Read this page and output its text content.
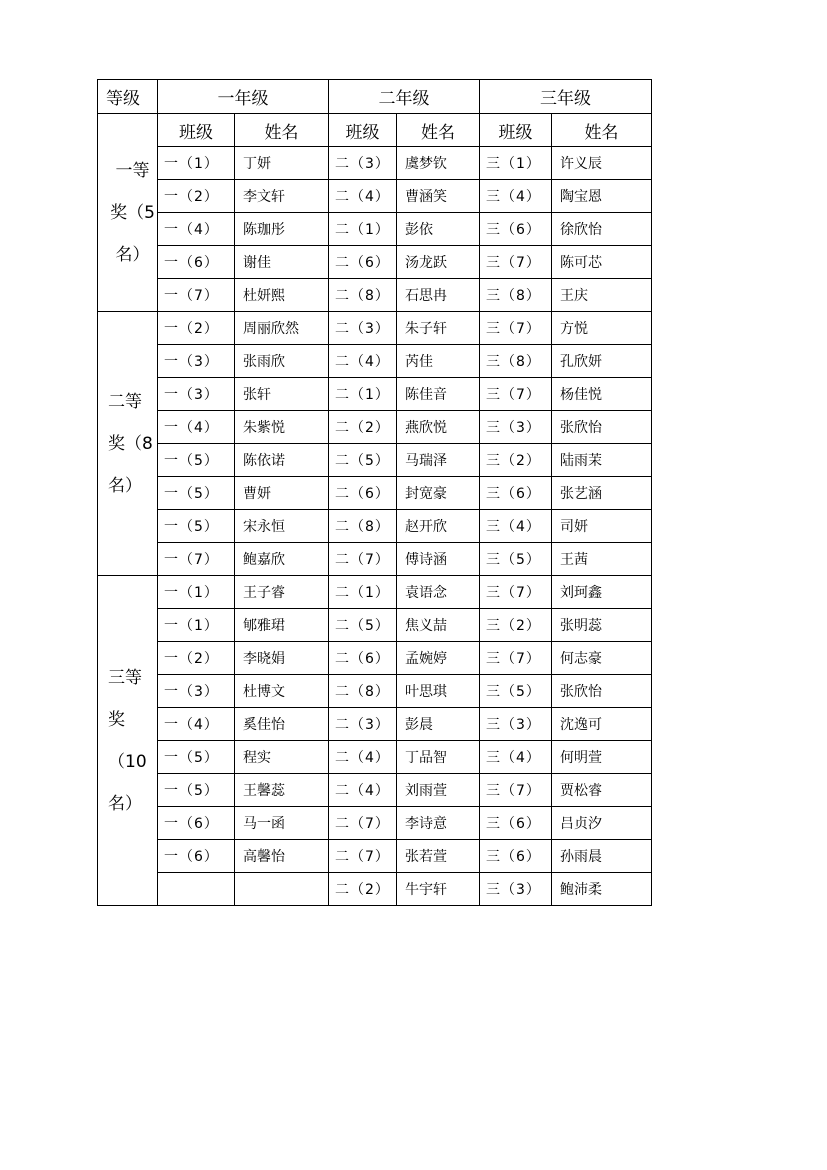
等级	一年级		二年级		三年级	

一等
奖（5
名）	班级	姓名	班级	姓名	班级	姓名
	一（1）	丁妍	二（3）	虞梦钦	三（1）	许义辰
	一（2）	李文轩	二（4）	曹涵笑	三（4）	陶宝恩
	一（4）	陈珈彤	二（1）	彭依	三（6）	徐欣怡
	一（6）	谢佳	二（6）	汤龙跃	三（7）	陈可芯
	一（7）	杜妍熙	二（8）	石思冉	三（8）	王庆

二等
奖（8
名）	一（2）	周丽欣然	二（3）	朱子轩	三（7）	方悦
	一（3）	张雨欣	二（4）	芮佳	三（8）	孔欣妍
	一（3）	张轩	二（1）	陈佳音	三（7）	杨佳悦
	一（4）	朱紫悦	二（2）	燕欣悦	三（3）	张欣怡
	一（5）	陈依诺	二（5）	马瑞泽	三（2）	陆雨茉
	一（5）	曹妍	二（6）	封宽豪	三（6）	张艺涵
	一（5）	宋永恒	二（8）	赵开欣	三（4）	司妍
	一（7）	鲍嘉欣	二（7）	傅诗涵	三（5）	王茜

三等
奖
（10
名）	一（1）	王子睿	二（1）	袁语念	三（7）	刘珂鑫
	一（1）	郇雅珺	二（5）	焦义喆	三（2）	张明蕊
	一（2）	李晓娟	二（6）	孟婉婷	三（7）	何志豪
	一（3）	杜博文	二（8）	叶思琪	三（5）	张欣怡
	一（4）	奚佳怡	二（3）	彭晨	三（3）	沈逸可
	一（5）	程实	二（4）	丁品智	三（4）	何明萱
	一（5）	王馨蕊	二（4）	刘雨萱	三（7）	贾松睿
	一（6）	马一函	二（7）	李诗意	三（6）	吕贞汐
	一（6）	高馨怡	二（7）	张若萱	三（6）	孙雨晨
			二（2）	牛宇轩	三（3）	鲍沛柔
